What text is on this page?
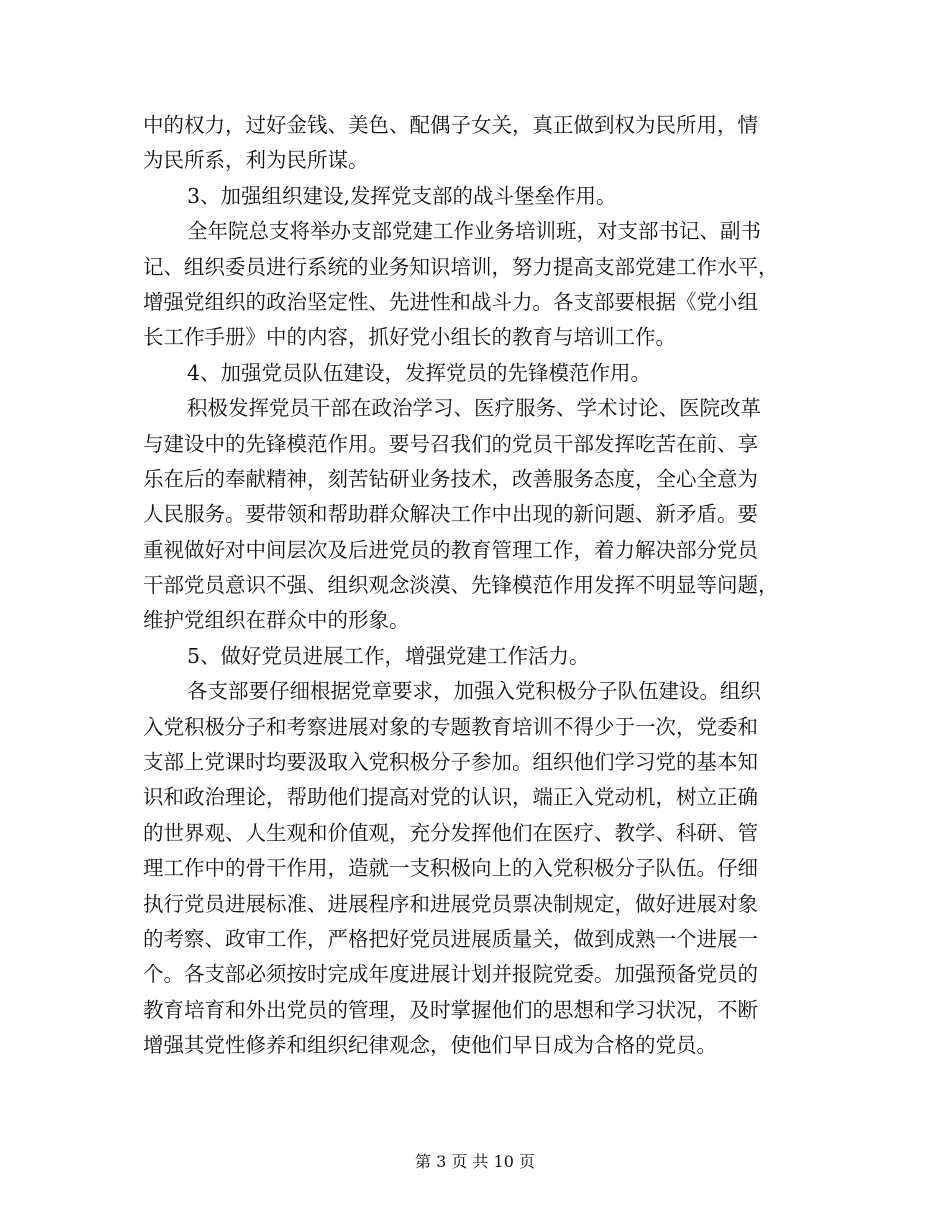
中的权力，过好金钱、美色、配偶子女关，真正做到权为民所用，情
为民所系，利为民所谋。
3、加强组织建设,发挥党支部的战斗堡垒作用。
全年院总支将举办支部党建工作业务培训班，对支部书记、副书
记、组织委员进行系统的业务知识培训，努力提高支部党建工作水平，
增强党组织的政治坚定性、先进性和战斗力。各支部要根据《党小组
长工作手册》中的内容，抓好党小组长的教育与培训工作。
4、加强党员队伍建设，发挥党员的先锋模范作用。
积极发挥党员干部在政治学习、医疗服务、学术讨论、医院改革
与建设中的先锋模范作用。要号召我们的党员干部发挥吃苦在前、享
乐在后的奉献精神，刻苦钻研业务技术，改善服务态度，全心全意为
人民服务。要带领和帮助群众解决工作中出现的新问题、新矛盾。要
重视做好对中间层次及后进党员的教育管理工作，着力解决部分党员
干部党员意识不强、组织观念淡漠、先锋模范作用发挥不明显等问题，
维护党组织在群众中的形象。
5、做好党员进展工作，增强党建工作活力。
各支部要仔细根据党章要求，加强入党积极分子队伍建设。组织
入党积极分子和考察进展对象的专题教育培训不得少于一次，党委和
支部上党课时均要汲取入党积极分子参加。组织他们学习党的基本知
识和政治理论，帮助他们提高对党的认识，端正入党动机，树立正确
的世界观、人生观和价值观，充分发挥他们在医疗、教学、科研、管
理工作中的骨干作用，造就一支积极向上的入党积极分子队伍。仔细
执行党员进展标准、进展程序和进展党员票决制规定，做好进展对象
的考察、政审工作，严格把好党员进展质量关，做到成熟一个进展一
个。各支部必须按时完成年度进展计划并报院党委。加强预备党员的
教育培育和外出党员的管理，及时掌握他们的思想和学习状况，不断
增强其党性修养和组织纪律观念，使他们早日成为合格的党员。
第 3 页 共 10 页
